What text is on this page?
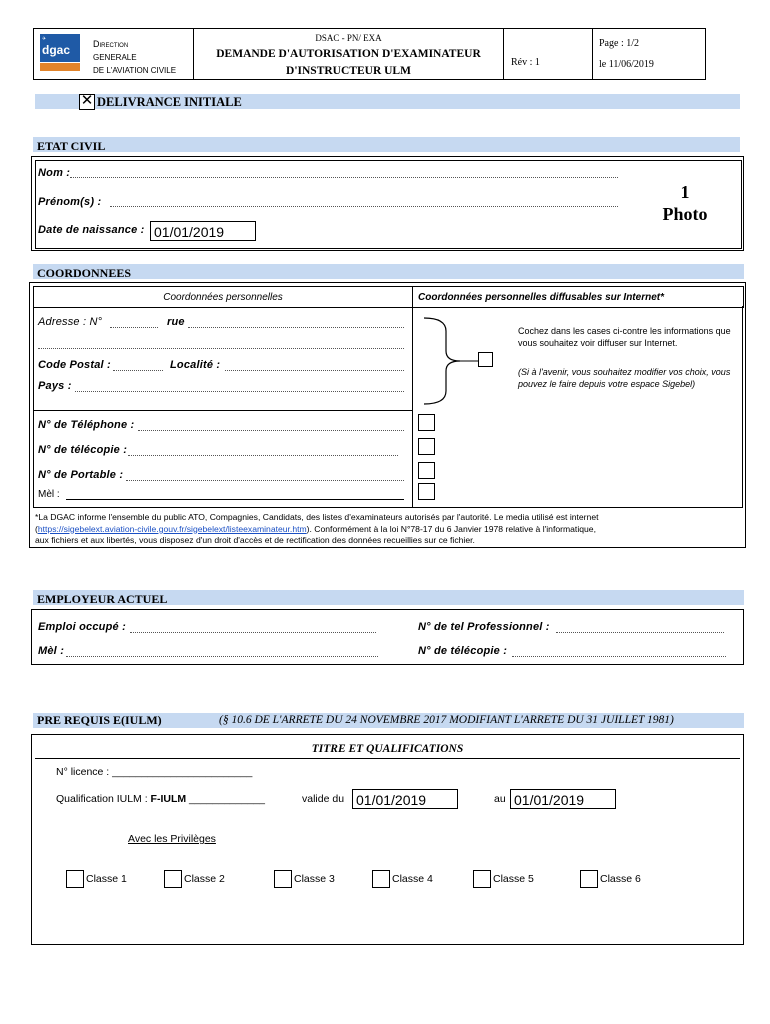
✈
dgac	Direction
GENERALE
DE L'AVIATION CIVILE
DSAC - PN/ EXA
DEMANDE D'AUTORISATION D'EXAMINATEUR
D'INSTRUCTEUR ULM
Rév : 1
Page : 1/2
le 11/06/2019
✕ DELIVRANCE INITIALE
ETAT CIVIL
Nom :
Prénom(s) :
Date de naissance : 01/01/2019
1
Photo
COORDONNEES
Coordonnées personnelles	Coordonnées personnelles diffusables sur Internet*
Adresse : N°	rue
Code Postal :	Localité :
Pays :
Cochez dans les cases ci-contre les informations que vous souhaitez voir diffuser sur Internet.
(Si à l'avenir, vous souhaitez modifier vos choix, vous pouvez le faire depuis votre espace Sigebel)
N° de Téléphone :
N° de télécopie :
N° de Portable :
Mèl :
*La DGAC informe l'ensemble du public ATO, Compagnies, Candidats, des listes d'examinateurs autorisés par l'autorité. Le media utilisé est internet
(https://sigebelext.aviation-civile.gouv.fr/sigebelext/listeexaminateur.htm). Conformément à la loi N°78-17 du 6 Janvier 1978 relative à l'informatique,
aux fichiers et aux libertés, vous disposez d'un droit d'accès et de rectification des données recueillies sur ce fichier.
EMPLOYEUR ACTUEL
Emploi occupé :	N° de tel Professionnel :
Mèl :	N° de télécopie :
PRE REQUIS E(IULM)	(§ 10.6 DE L'ARRETE DU 24 NOVEMBRE 2017 MODIFIANT L'ARRETE DU 31 JUILLET 1981)
TITRE ET QUALIFICATIONS
N° licence : ________________________
Qualification IULM : F-IULM _____________	valide du 01/01/2019	au 01/01/2019
Avec les Privilèges
Classe 1	Classe 2	Classe 3	Classe 4	Classe 5	Classe 6
